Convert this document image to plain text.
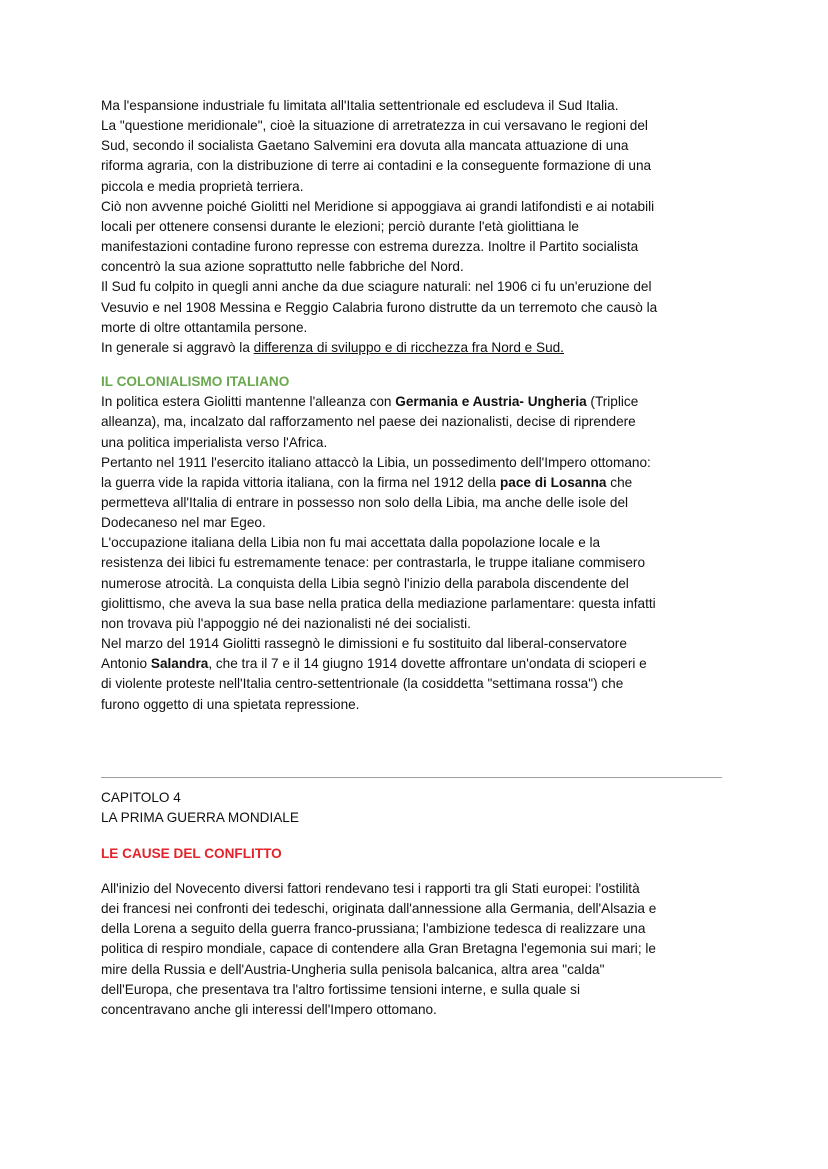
Ma l'espansione industriale fu limitata all'Italia settentrionale ed escludeva il Sud Italia.

La "questione meridionale", cioè la situazione di arretratezza in cui versavano le regioni del

Sud, secondo il socialista Gaetano Salvemini era dovuta alla mancata attuazione di una

riforma agraria, con la distribuzione di terre ai contadini e la conseguente formazione di una

piccola e media proprietà terriera.

Ciò non avvenne poiché Giolitti nel Meridione si appoggiava ai grandi latifondisti e ai notabili

locali per ottenere consensi durante le elezioni; perciò durante l'età giolittiana le

manifestazioni contadine furono represse con estrema durezza. Inoltre il Partito socialista

concentrò la sua azione soprattutto nelle fabbriche del Nord.

Il Sud fu colpito in quegli anni anche da due sciagure naturali: nel 1906 ci fu un'eruzione del

Vesuvio e nel 1908 Messina e Reggio Calabria furono distrutte da un terremoto che causò la

morte di oltre ottantamila persone.

In generale si aggravò la differenza di sviluppo e di ricchezza fra Nord e Sud.

IL COLONIALISMO ITALIANO

In politica estera Giolitti mantenne l'alleanza con Germania e Austria- Ungheria (Triplice

alleanza), ma, incalzato dal rafforzamento nel paese dei nazionalisti, decise di riprendere

una politica imperialista verso l'Africa.

Pertanto nel 1911 l'esercito italiano attaccò la Libia, un possedimento dell'Impero ottomano:

la guerra vide la rapida vittoria italiana, con la firma nel 1912 della pace di Losanna che

permetteva all'Italia di entrare in possesso non solo della Libia, ma anche delle isole del

Dodecaneso nel mar Egeo.

L'occupazione italiana della Libia non fu mai accettata dalla popolazione locale e la

resistenza dei libici fu estremamente tenace: per contrastarla, le truppe italiane commisero

numerose atrocità. La conquista della Libia segnò l'inizio della parabola discendente del

giolittismo, che aveva la sua base nella pratica della mediazione parlamentare: questa infatti

non trovava più l'appoggio né dei nazionalisti né dei socialisti.

Nel marzo del 1914 Giolitti rassegnò le dimissioni e fu sostituito dal liberal-conservatore

Antonio Salandra, che tra il 7 e il 14 giugno 1914 dovette affrontare un'ondata di scioperi e

di violente proteste nell'Italia centro-settentrionale (la cosiddetta "settimana rossa") che

furono oggetto di una spietata repressione.

CAPITOLO 4
LA PRIMA GUERRA MONDIALE
LE CAUSE DEL CONFLITTO

All'inizio del Novecento diversi fattori rendevano tesi i rapporti tra gli Stati europei: l'ostilità

dei francesi nei confronti dei tedeschi, originata dall'annessione alla Germania, dell'Alsazia e

della Lorena a seguito della guerra franco-prussiana; l'ambizione tedesca di realizzare una

politica di respiro mondiale, capace di contendere alla Gran Bretagna l'egemonia sui mari; le

mire della Russia e dell'Austria-Ungheria sulla penisola balcanica, altra area "calda"

dell'Europa, che presentava tra l'altro fortissime tensioni interne, e sulla quale si

concentravano anche gli interessi dell'Impero ottomano.
